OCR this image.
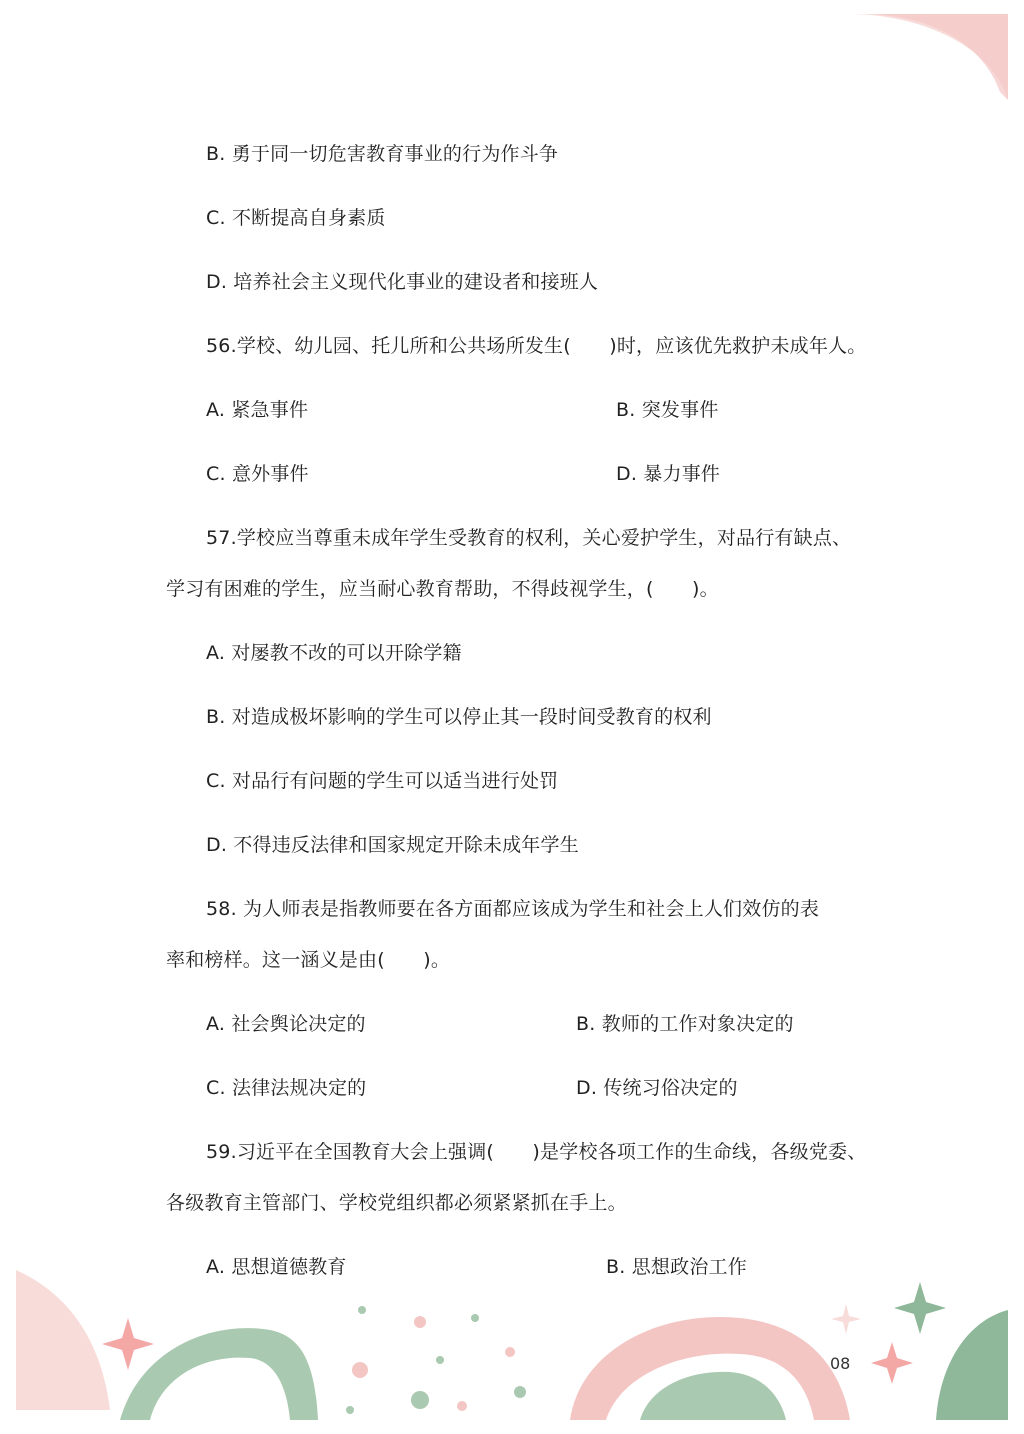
B. 勇于同一切危害教育事业的行为作斗争
C. 不断提高自身素质
D. 培养社会主义现代化事业的建设者和接班人
56.学校、幼儿园、托儿所和公共场所发生(　　)时，应该优先救护未成年人。
A. 紧急事件	B. 突发事件
C. 意外事件	D. 暴力事件
57.学校应当尊重未成年学生受教育的权利，关心爱护学生，对品行有缺点、
学习有困难的学生，应当耐心教育帮助，不得歧视学生，(　　)。
A. 对屡教不改的可以开除学籍
B. 对造成极坏影响的学生可以停止其一段时间受教育的权利
C. 对品行有问题的学生可以适当进行处罚
D. 不得违反法律和国家规定开除未成年学生
58. 为人师表是指教师要在各方面都应该成为学生和社会上人们效仿的表
率和榜样。这一涵义是由(　　)。
A. 社会舆论决定的	B. 教师的工作对象决定的
C. 法律法规决定的	D. 传统习俗决定的
59.习近平在全国教育大会上强调(　　)是学校各项工作的生命线，各级党委、
各级教育主管部门、学校党组织都必须紧紧抓在手上。
A. 思想道德教育	B. 思想政治工作
08
